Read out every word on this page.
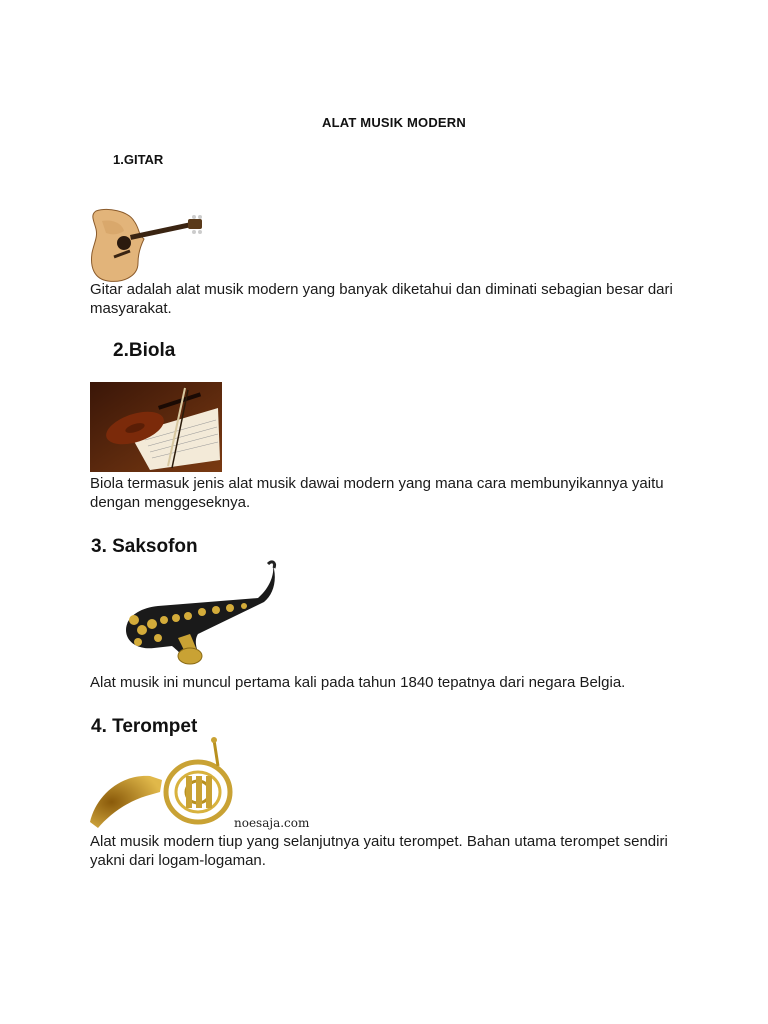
ALAT MUSIK MODERN
1.GITAR
Gitar adalah alat musik modern yang banyak diketahui dan diminati sebagian besar dari masyarakat.
2.Biola
Biola termasuk jenis alat musik dawai modern yang mana cara membunyikannya yaitu dengan menggeseknya.
3. Saksofon
Alat musik ini muncul pertama kali pada tahun 1840 tepatnya dari negara Belgia.
4. Terompet
noesaja.com
Alat musik modern tiup yang selanjutnya yaitu terompet. Bahan utama terompet sendiri yakni dari logam-logaman.
